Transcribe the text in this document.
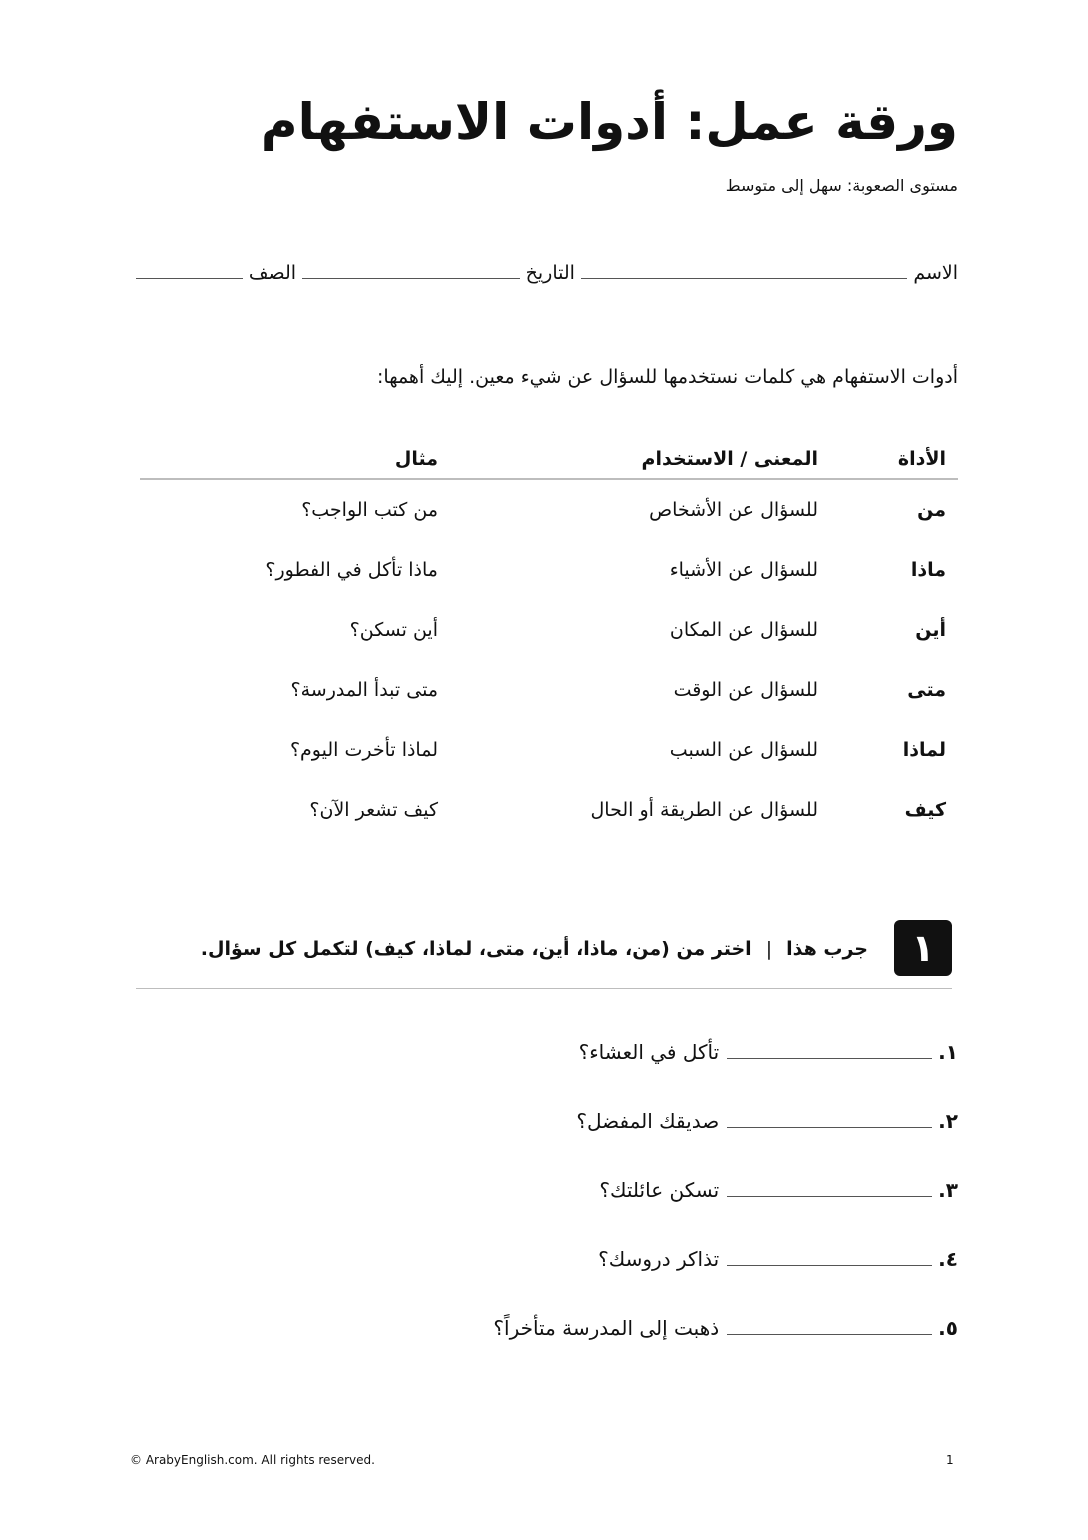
ورقة عمل: أدوات الاستفهام
مستوى الصعوبة: سهل إلى متوسط
الاسم
التاريخ
الصف
أدوات الاستفهام هي كلمات نستخدمها للسؤال عن شيء معين. إليك أهمها:
الأداة
المعنى / الاستخدام
مثال
من
للسؤال عن الأشخاص
من كتب الواجب؟
ماذا
للسؤال عن الأشياء
ماذا تأكل في الفطور؟
أين
للسؤال عن المكان
أين تسكن؟
متى
للسؤال عن الوقت
متى تبدأ المدرسة؟
لماذا
للسؤال عن السبب
لماذا تأخرت اليوم؟
كيف
للسؤال عن الطريقة أو الحال
كيف تشعر الآن؟
١
جرب هذا|اختر من (من، ماذا، أين، متى، لماذا، كيف) لتكمل كل سؤال.
١.
تأكل في العشاء؟
٢.
صديقك المفضل؟
٣.
تسكن عائلتك؟
٤.
تذاكر دروسك؟
٥.
ذهبت إلى المدرسة متأخراً؟
© ArabyEnglish.com. All rights reserved.	1
